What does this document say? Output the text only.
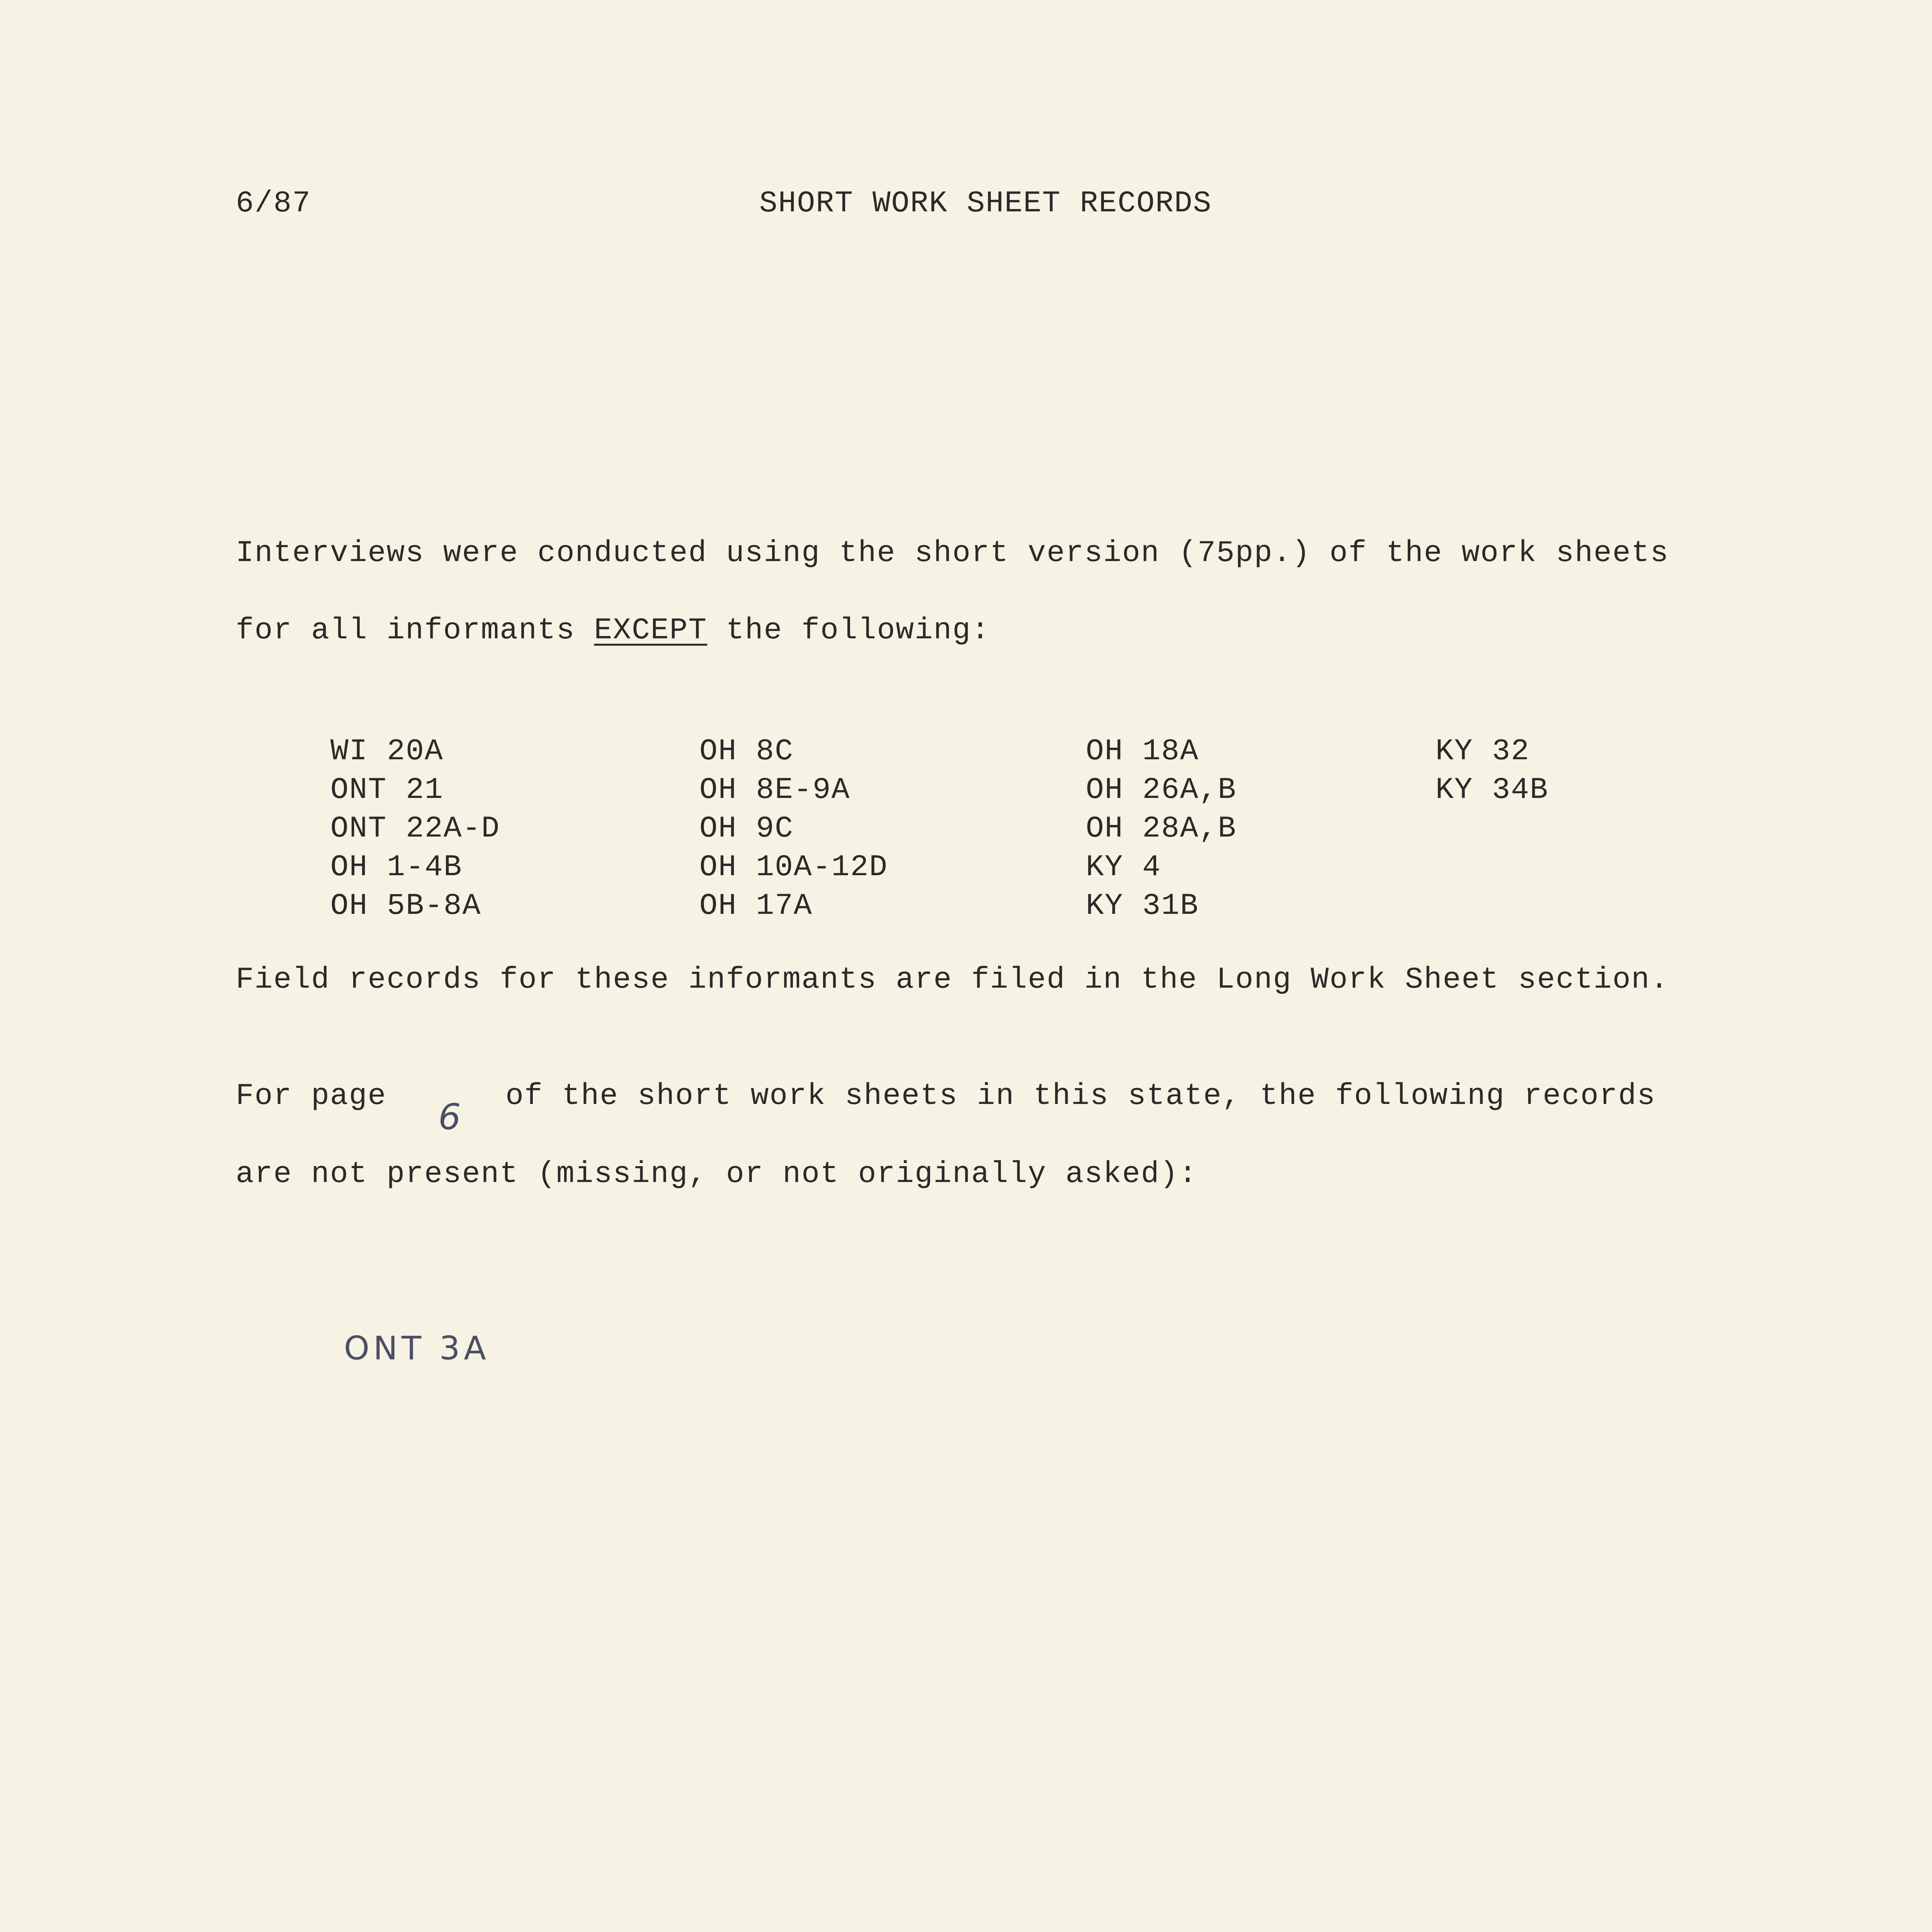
6/87	SHORT WORK SHEET RECORDS
Interviews were conducted using the short version (75pp.) of the work sheets
for all informants EXCEPT the following:
WI 20A
ONT 21
ONT 22A-D
OH 1-4B
OH 5B-8A
OH 8C
OH 8E-9A
OH 9C
OH 10A-12D
OH 17A
OH 18A
OH 26A,B
OH 28A,B
KY 4
KY 31B
KY 32
KY 34B
Field records for these informants are filed in the Long Work Sheet section.
For page 6 of the short work sheets in this state, the following records
are not present (missing, or not originally asked):
ONT 3A
